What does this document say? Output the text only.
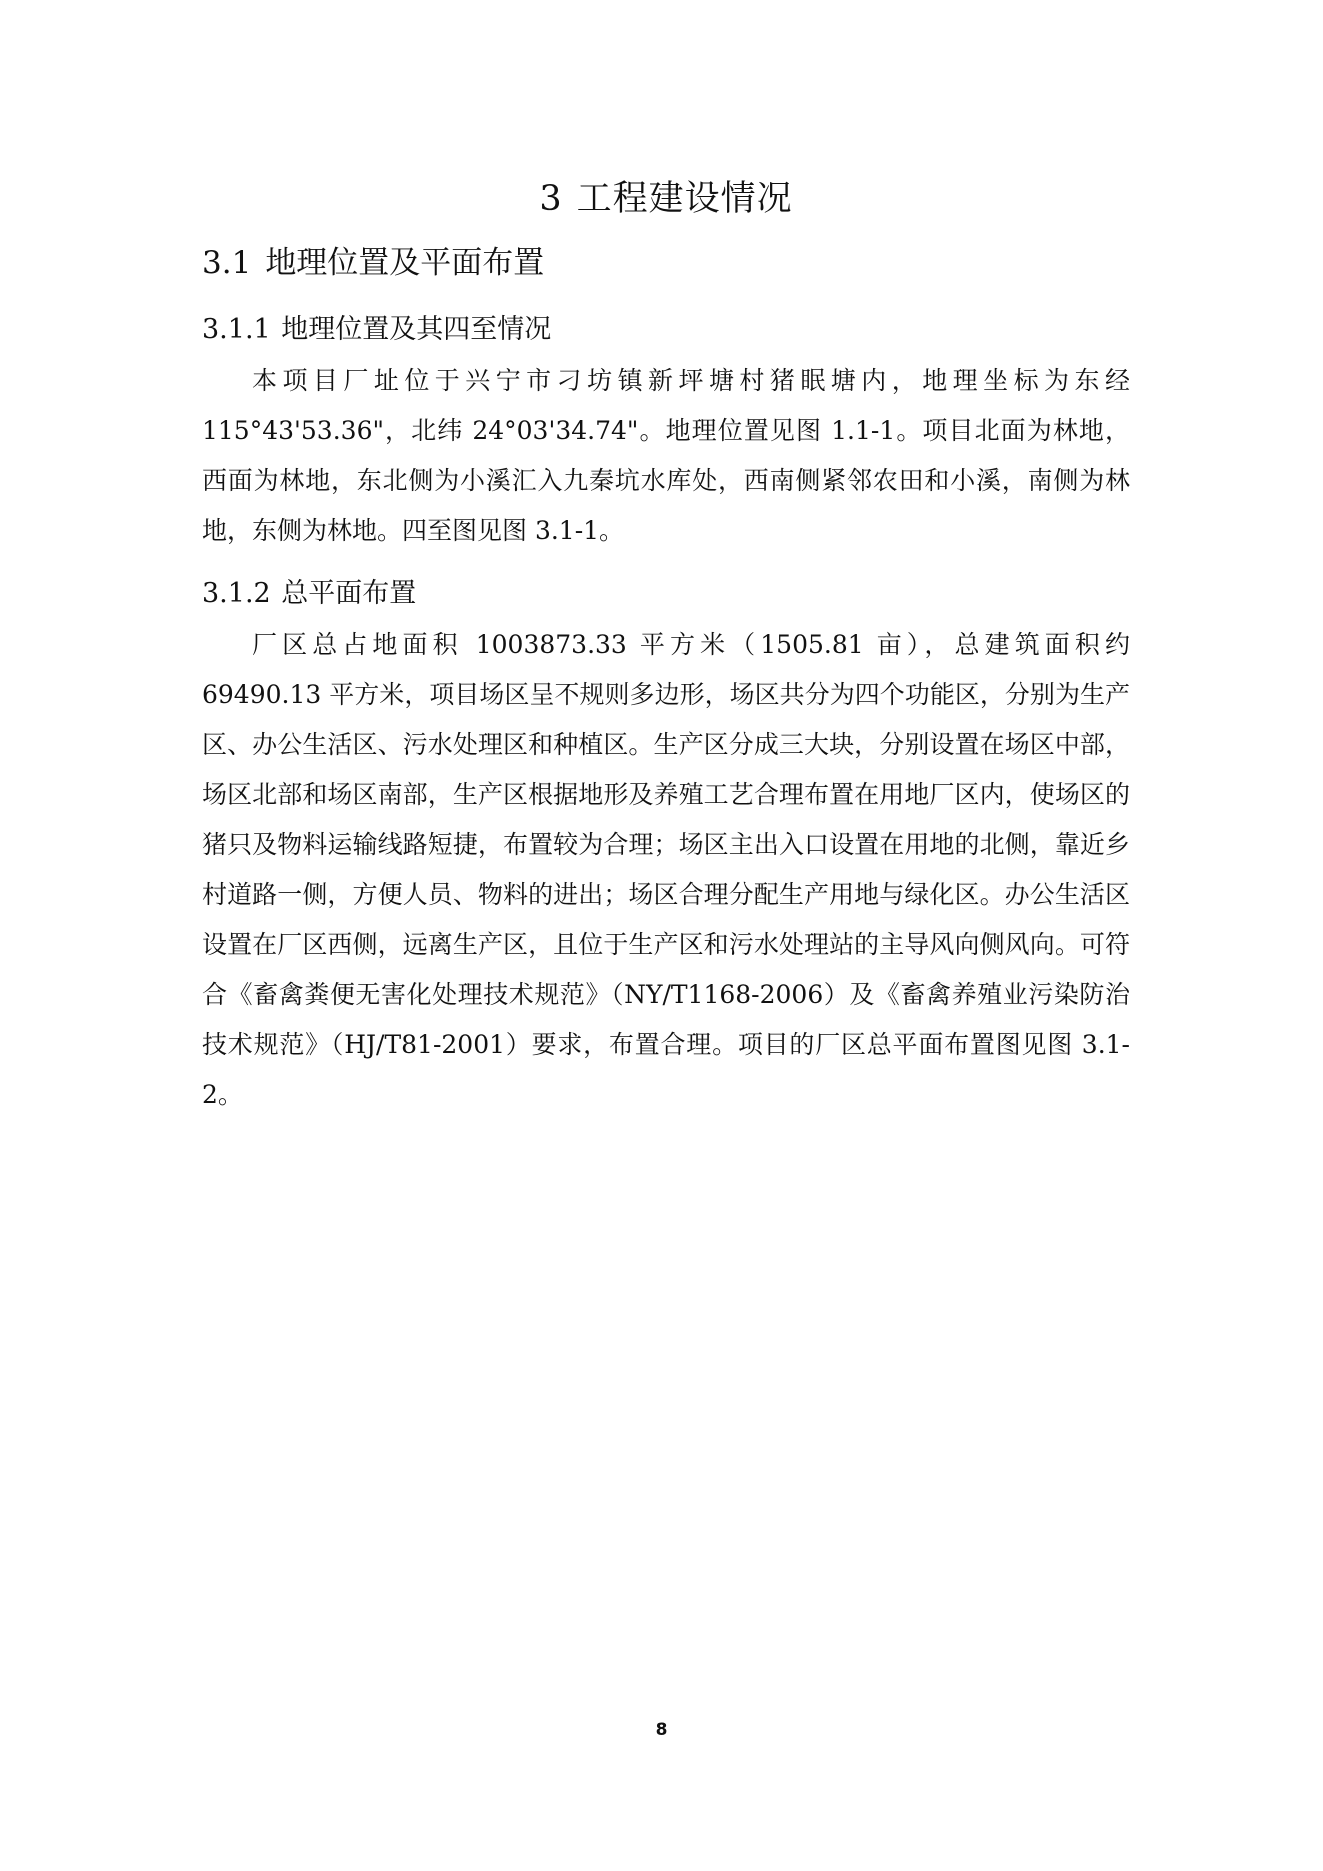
3 工程建设情况
3.1 地理位置及平面布置
3.1.1 地理位置及其四至情况

本项目厂址位于兴宁市刁坊镇新坪塘村猪眠塘内，地理坐标为东经115°43'53.36"，北纬 24°03'34.74"。地理位置见图 1.1-1。项目北面为林地，西面为林地，东北侧为小溪汇入九秦坑水库处，西南侧紧邻农田和小溪，南侧为林地，东侧为林地。四至图见图 3.1-1。

3.1.2 总平面布置

厂区总占地面积 1003873.33 平方米（1505.81 亩），总建筑面积约 69490.13 平方米，项目场区呈不规则多边形，场区共分为四个功能区，分别为生产区、办公生活区、污水处理区和种植区。生产区分成三大块，分别设置在场区中部，场区北部和场区南部，生产区根据地形及养殖工艺合理布置在用地厂区内，使场区的猪只及物料运输线路短捷，布置较为合理；场区主出入口设置在用地的北侧，靠近乡村道路一侧，方便人员、物料的进出；场区合理分配生产用地与绿化区。办公生活区设置在厂区西侧，远离生产区，且位于生产区和污水处理站的主导风向侧风向。可符合《畜禽粪便无害化处理技术规范》（NY/T1168-2006）及《畜禽养殖业污染防治技术规范》（HJ/T81-2001）要求，布置合理。项目的厂区总平面布置图见图 3.1-2。

8
